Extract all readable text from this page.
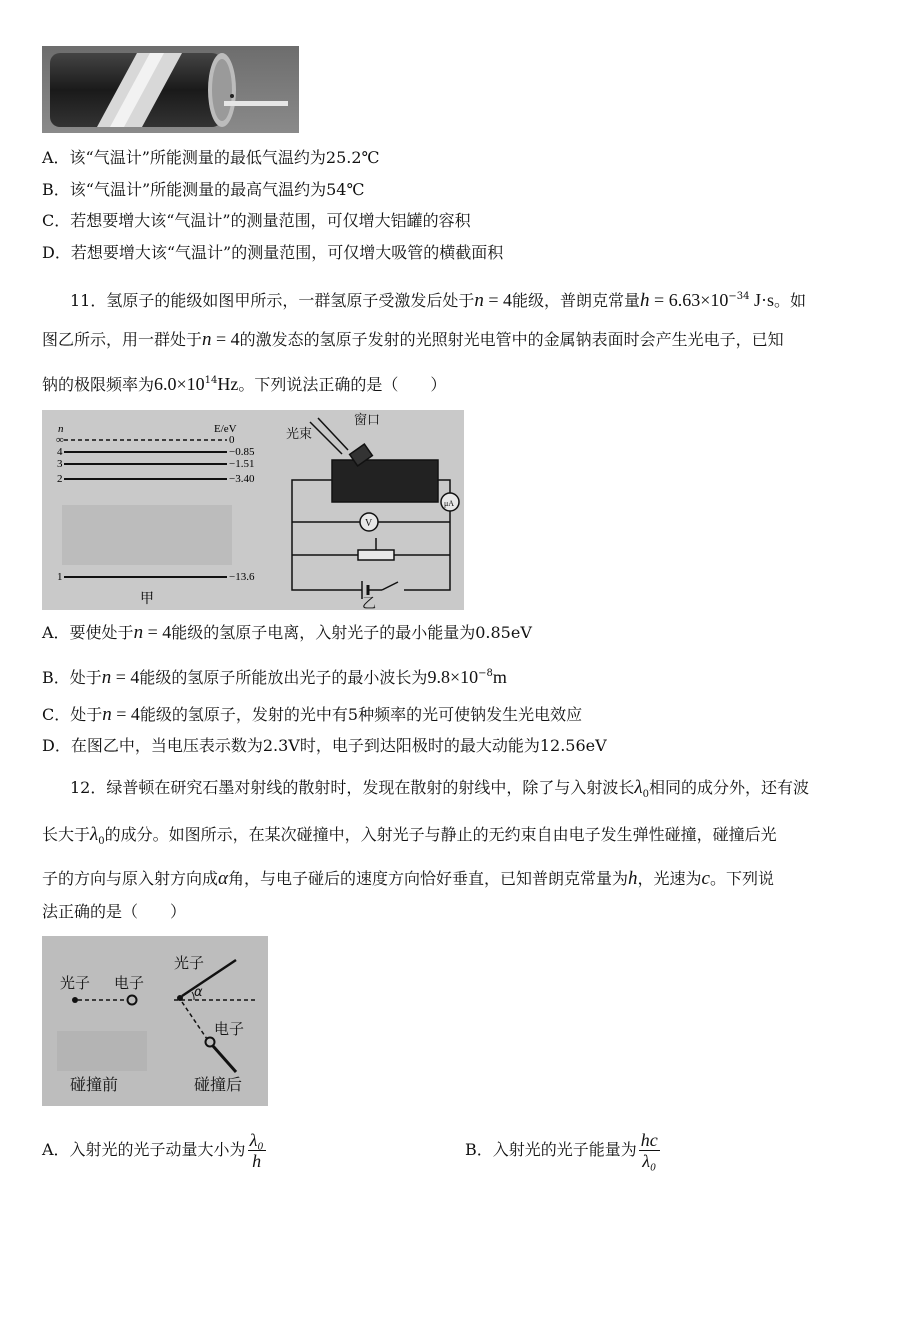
A．该“气温计”所能测量的最低气温约为25.2℃
B．该“气温计”所能测量的最高气温约为54℃
C．若想要增大该“气温计”的测量范围，可仅增大铝罐的容积
D．若想要增大该“气温计”的测量范围，可仅增大吸管的横截面积
11．氢原子的能级如图甲所示，一群氢原子受激发后处于n = 4能级，普朗克常量$h = 6.63\times 10^{-34}$ J·s。如
图乙所示，用一群处于n = 4的激发态的氢原子发射的光照射光电管中的金属钠表面时会产生光电子，已知
钠的极限频率为$6.0\times 10^{14}Hz$。下列说法正确的是（　　）
n	E/eV
∞	0
4	−0.85
3	−1.51
2	−3.40
1	−13.6
甲
光束
窗口
μA
V
乙
A．要使处于n = 4能级的氢原子电离，入射光子的最小能量为0.85eV
B．处于n = 4能级的氢原子所能放出光子的最小波长为$9.8\times 10^{-8}m$
C．处于n = 4能级的氢原子，发射的光中有5种频率的光可使钠发生光电效应
D．在图乙中，当电压表示数为2.3V时，电子到达阳极时的最大动能为12.56eV
12．绿普顿在研究石墨对射线的散射时，发现在散射的射线中，除了与入射波长$\lambda_0$相同的成分外，还有波
长大于$\lambda_0$的成分。如图所示，在某次碰撞中，入射光子与静止的无约束自由电子发生弹性碰撞，碰撞后光
子的方向与原入射方向成α角，与电子碰后的速度方向恰好垂直，已知普朗克常量为h，光速为c。下列说
法正确的是（　　）
光子 电子
光子
α
电子
碰撞前	碰撞后
A．入射光的光子动量大小为 $\frac{\text{λ₀}}{h}$	B．入射光的光子能量为 $\frac{hc}{\text{λ₀}}$
